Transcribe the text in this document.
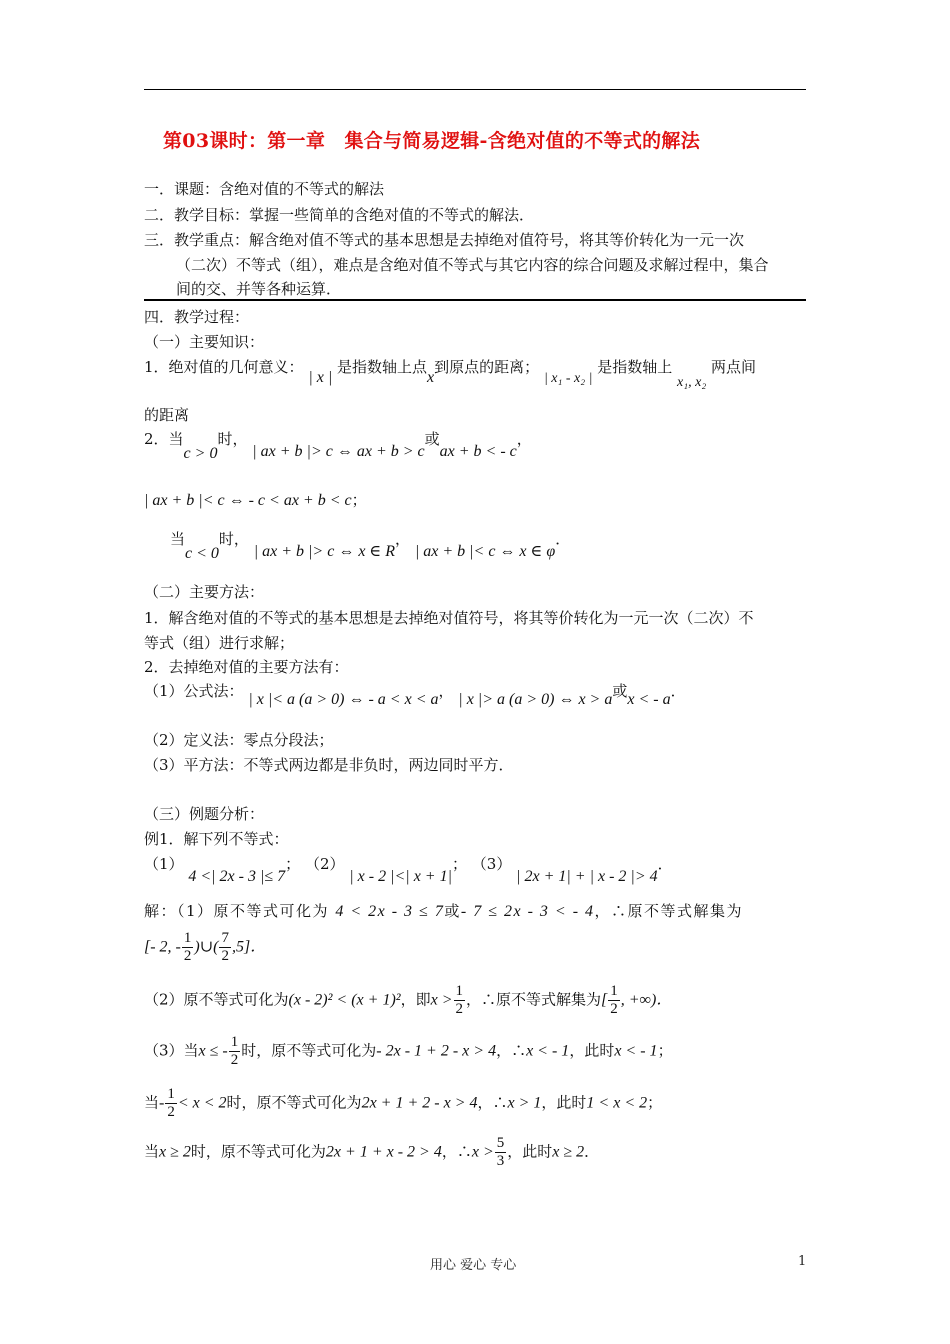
第03课时：第一章　集合与简易逻辑-含绝对值的不等式的解法
一．课题：含绝对值的不等式的解法
二．教学目标：掌握一些简单的含绝对值的不等式的解法．
三．教学重点：解含绝对值不等式的基本思想是去掉绝对值符号，将其等价转化为一元一次
（二次）不等式（组），难点是含绝对值不等式与其它内容的综合问题及求解过程中，集合
间的交、并等各种运算．
四．教学过程：
（一）主要知识：
1．绝对值的几何意义： | x | 是指数轴上点x到原点的距离； | x₁ - x₂ | 是指数轴上 x₁, x₂ 两点间
的距离
2．当c > 0时， | ax + b |> c ⇔ ax + b > c或ax + b < - c，
| ax + b |< c ⇔ - c < ax + b < c；
当c < 0时， | ax + b |> c ⇔ x ∈ R， | ax + b |< c ⇔ x ∈ φ．
（二）主要方法：
1．解含绝对值的不等式的基本思想是去掉绝对值符号，将其等价转化为一元一次（二次）不
等式（组）进行求解；
2．去掉绝对值的主要方法有：
（1）公式法： | x |< a (a > 0) ⇔ - a < x < a， | x |> a (a > 0) ⇔ x > a或x < - a．
（2）定义法：零点分段法；
（3）平方法：不等式两边都是非负时，两边同时平方．
（三）例题分析：
例1．解下列不等式：
（1） 4 <| 2x - 3 |≤ 7； （2） | x - 2 |<| x + 1|； （3） | 2x + 1| + | x - 2 |> 4．
解：（1）原不等式可化为 4 < 2x - 3 ≤ 7或- 7 ≤ 2x - 3 < - 4，∴原不等式解集为
[- 2, - $\frac{1}{2}$ )∪( $\frac{7}{2} ,5$]．
（2）原不等式可化为(x - 2)² < (x + 1)²，即$x > \frac{1}{2}$ ，∴原不等式解集为[ $\frac{1}{2}$ , +∞)．
（3）当x ≤ - $\frac{1}{2}$ 时，原不等式可化为- 2x - 1 + 2 - x > 4，∴x < - 1，此时x < - 1；
当- $\frac{1}{2} < x < 2$时，原不等式可化为2x + 1 + 2 - x > 4，∴x > 1，此时1 < x < 2；
当x ≥ 2时，原不等式可化为2x + 1 + x - 2 > 4，∴x > $\frac{5}{3}$ ，此时x ≥ 2．
用心 爱心 专心	1
